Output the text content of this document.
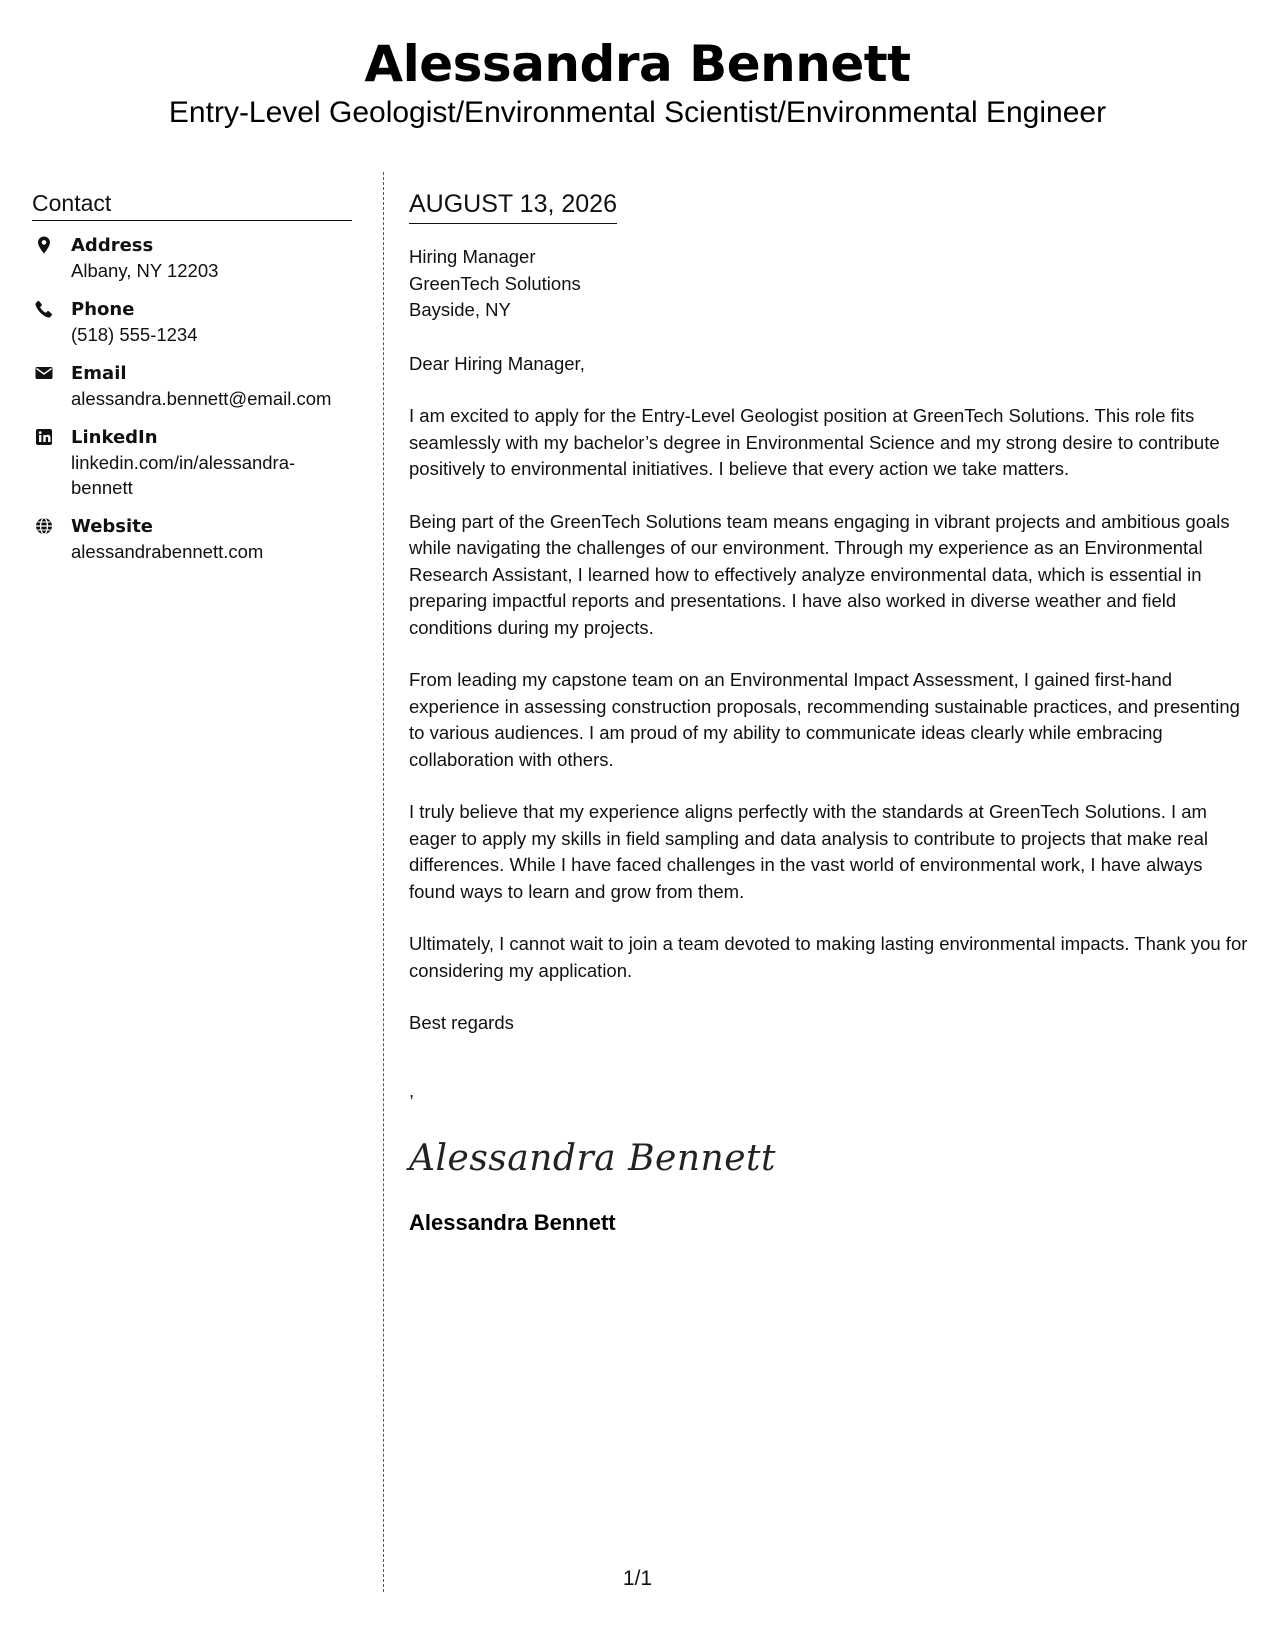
Alessandra Bennett
Entry-Level Geologist/Environmental Scientist/Environmental Engineer
Contact
Address
Albany, NY 12203
Phone
(518) 555-1234
Email
alessandra.bennett@email.com
LinkedIn
linkedin.com/in/alessandra-bennett
Website
alessandrabennett.com
AUGUST 13, 2026
Hiring Manager
GreenTech Solutions
Bayside, NY
Dear Hiring Manager,
I am excited to apply for the Entry-Level Geologist position at GreenTech Solutions. This role fits seamlessly with my bachelor’s degree in Environmental Science and my strong desire to contribute positively to environmental initiatives. I believe that every action we take matters.
Being part of the GreenTech Solutions team means engaging in vibrant projects and ambitious goals while navigating the challenges of our environment. Through my experience as an Environmental Research Assistant, I learned how to effectively analyze environmental data, which is essential in preparing impactful reports and presentations. I have also worked in diverse weather and field conditions during my projects.
From leading my capstone team on an Environmental Impact Assessment, I gained first-hand experience in assessing construction proposals, recommending sustainable practices, and presenting to various audiences. I am proud of my ability to communicate ideas clearly while embracing collaboration with others.
I truly believe that my experience aligns perfectly with the standards at GreenTech Solutions. I am eager to apply my skills in field sampling and data analysis to contribute to projects that make real differences. While I have faced challenges in the vast world of environmental work, I have always found ways to learn and grow from them.
Ultimately, I cannot wait to join a team devoted to making lasting environmental impacts. Thank you for considering my application.
Best regards
,
Alessandra Bennett
Alessandra Bennett
1/1
